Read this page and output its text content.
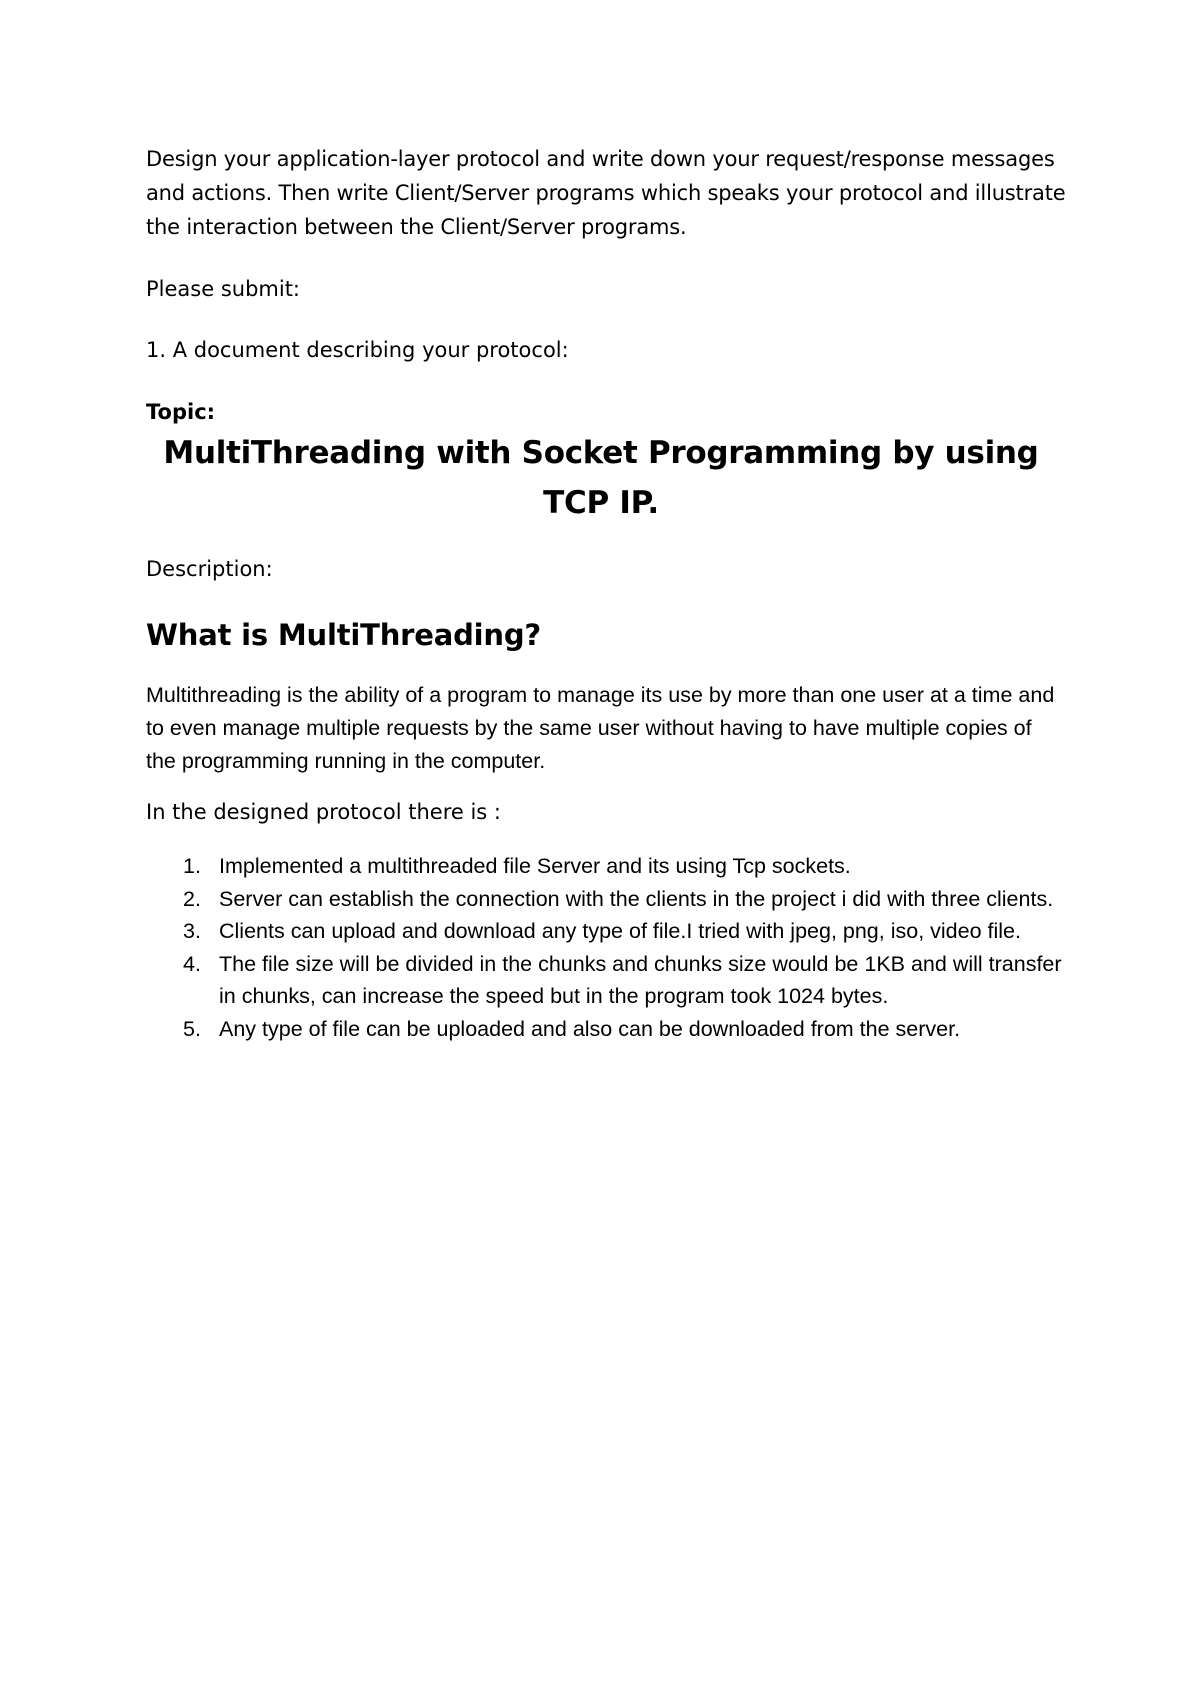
Design your application-layer protocol and write down your request/response messages and actions. Then write Client/Server programs which speaks your protocol and illustrate the interaction between the Client/Server programs.

Please submit:

1. A document describing your protocol:

Topic:

MultiThreading with Socket Programming by using TCP IP.

Description:

What is MultiThreading?

Multithreading is the ability of a program to manage its use by more than one user at a time and to even manage multiple requests by the same user without having to have multiple copies of the programming running in the computer.

In the designed protocol there is :

1. Implemented a multithreaded file Server and its using Tcp sockets.
2. Server can establish the connection with the clients in the project i did with three clients.
3. Clients can upload and download any type of file.I tried with jpeg, png, iso, video file.
4. The file size will be divided in the chunks and chunks size would be 1KB and will transfer in chunks, can increase the speed but in the program took 1024 bytes.
5. Any type of file can be uploaded and also can be downloaded from the server.
